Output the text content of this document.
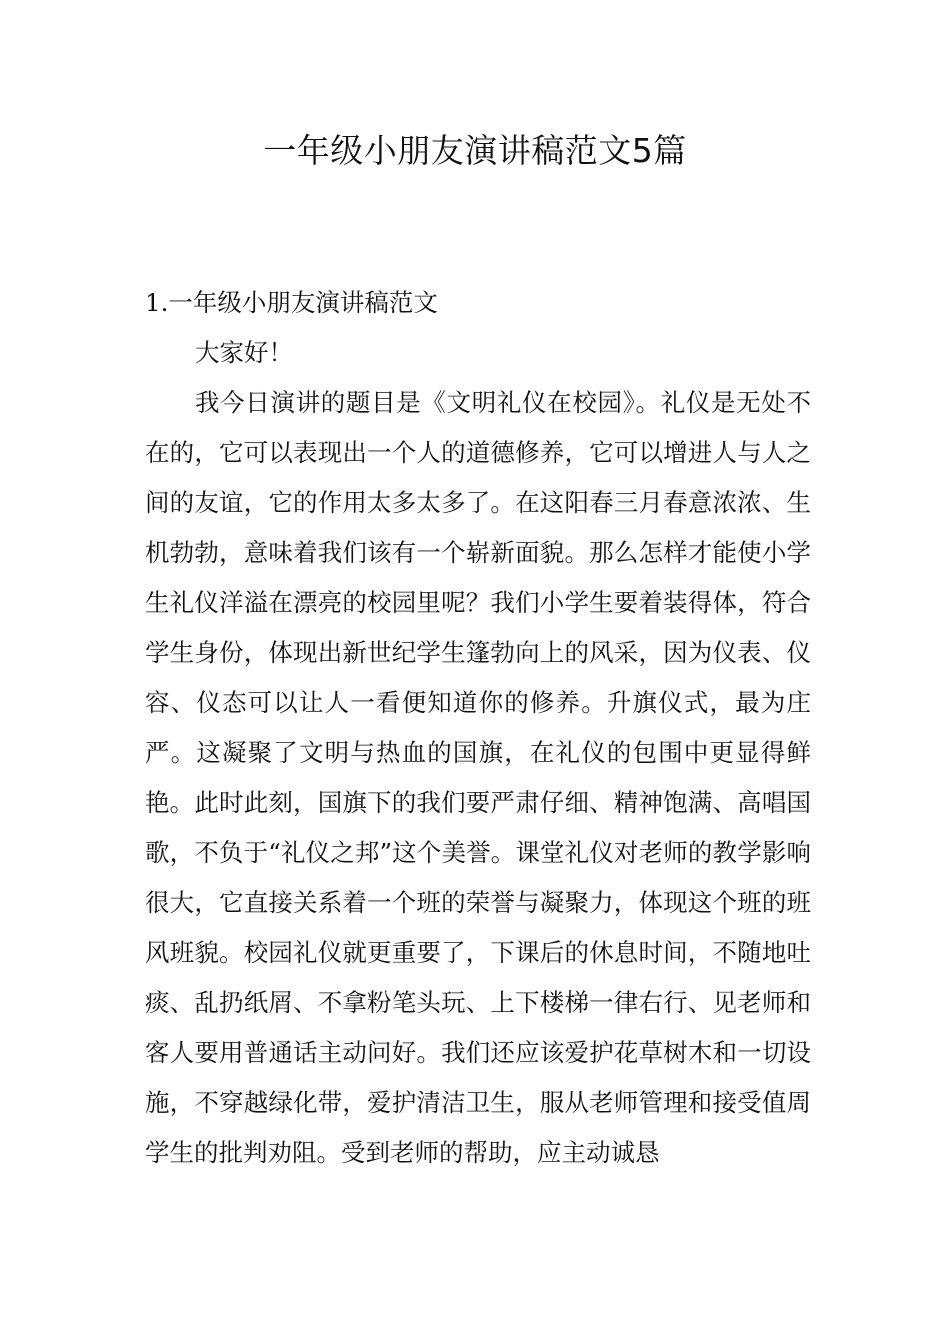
一年级小朋友演讲稿范文5篇
1.一年级小朋友演讲稿范文

大家好！

我今日演讲的题目是《文明礼仪在校园》。礼仪是无处不在的，它可以表现出一个人的道德修养，它可以增进人与人之间的友谊，它的作用太多太多了。在这阳春三月春意浓浓、生机勃勃，意味着我们该有一个崭新面貌。那么怎样才能使小学生礼仪洋溢在漂亮的校园里呢？我们小学生要着装得体，符合学生身份，体现出新世纪学生篷勃向上的风采，因为仪表、仪容、仪态可以让人一看便知道你的修养。升旗仪式，最为庄严。这凝聚了文明与热血的国旗，在礼仪的包围中更显得鲜艳。此时此刻，国旗下的我们要严肃仔细、精神饱满、高唱国歌，不负于“礼仪之邦”这个美誉。课堂礼仪对老师的教学影响很大，它直接关系着一个班的荣誉与凝聚力，体现这个班的班风班貌。校园礼仪就更重要了，下课后的休息时间，不随地吐痰、乱扔纸屑、不拿粉笔头玩、上下楼梯一律右行、见老师和客人要用普通话主动问好。我们还应该爱护花草树木和一切设施，不穿越绿化带，爱护清洁卫生，服从老师管理和接受值周学生的批判劝阻。受到老师的帮助，应主动诚恳
